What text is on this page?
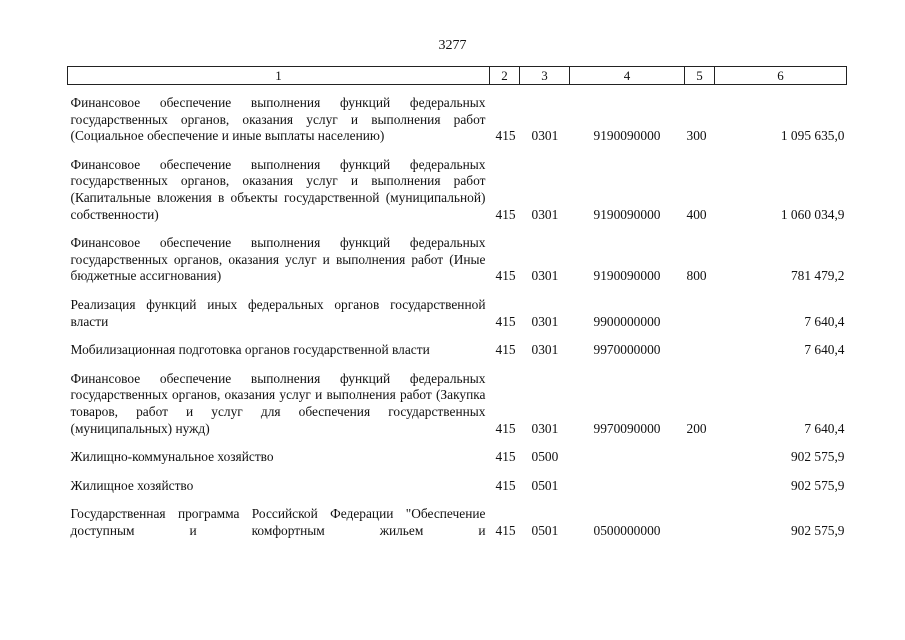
3277
1	2	3	4	5	6
Финансовое обеспечение выполнения функций федеральных государственных органов, оказания услуг и выполнения работ (Социальное обеспечение и иные выплаты населению)	415	0301	9190090000	300	1 095 635,0
Финансовое обеспечение выполнения функций федеральных государственных органов, оказания услуг и выполнения работ (Капитальные вложения в объекты государственной (муниципальной) собственности)	415	0301	9190090000	400	1 060 034,9
Финансовое обеспечение выполнения функций федеральных государственных органов, оказания услуг и выполнения работ (Иные бюджетные ассигнования)	415	0301	9190090000	800	781 479,2
Реализация функций иных федеральных органов государственной власти	415	0301	9900000000		7 640,4
Мобилизационная подготовка органов государственной власти	415	0301	9970000000		7 640,4
Финансовое обеспечение выполнения функций федеральных государственных органов, оказания услуг и выполнения работ (Закупка товаров, работ и услуг для обеспечения государственных (муниципальных) нужд)	415	0301	9970090000	200	7 640,4
Жилищно-коммунальное хозяйство	415	0500			902 575,9
Жилищное хозяйство	415	0501			902 575,9
Государственная программа Российской Федерации "Обеспечение доступным и комфортным жильем и	415	0501	0500000000		902 575,9
